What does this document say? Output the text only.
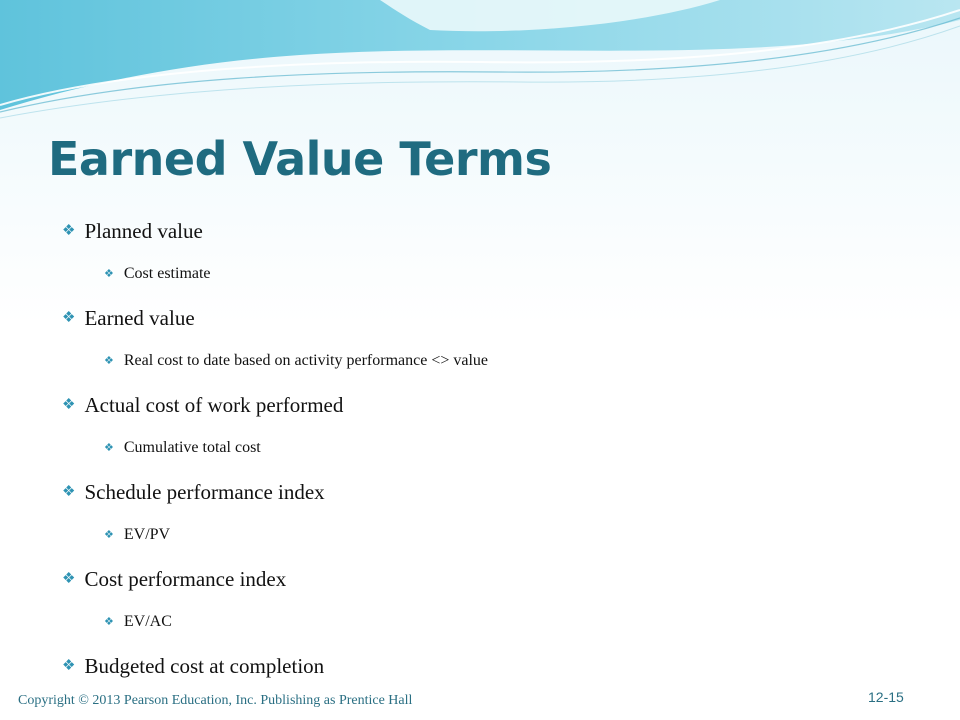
Earned Value Terms
❖ Planned value
❖ Cost estimate
❖ Earned value
❖ Real cost to date based on activity performance <> value
❖ Actual cost of work performed
❖ Cumulative total cost
❖ Schedule performance index
❖ EV/PV
❖ Cost performance index
❖ EV/AC
❖ Budgeted cost at completion
Copyright © 2013 Pearson Education, Inc. Publishing as Prentice Hall	12-15
